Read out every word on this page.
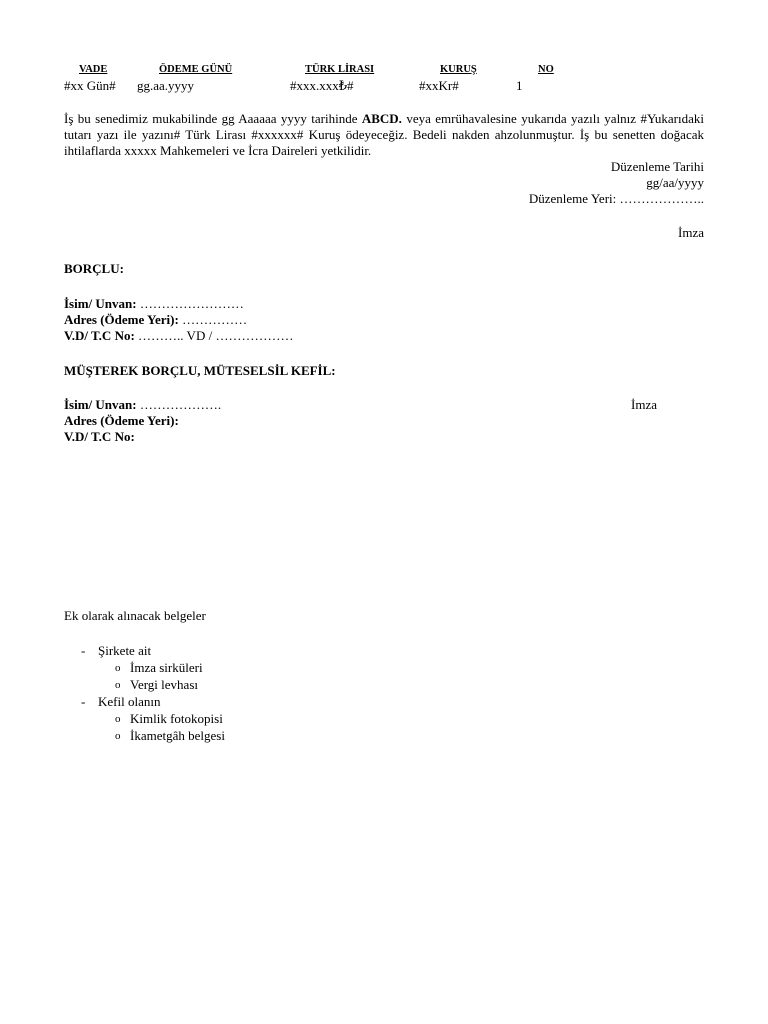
VADE	ÖDEME GÜNÜ	TÜRK LİRASI	KURUŞ	NO
#xx Gün# gg.aa.yyyy	#xxx.xxx₺#	#xxKr#	1
İş bu senedimiz mukabilinde gg Aaaaaa yyyy tarihinde ABCD. veya emrühavalesine yukarıda yazılı yalnız #Yukarıdaki tutarı yazı ile yazını# Türk Lirası #xxxxxx# Kuruş ödeyeceğiz. Bedeli nakden ahzolunmuştur. İş bu senetten doğacak ihtilaflarda xxxxx Mahkemeleri ve İcra Daireleri yetkilidir.
Düzenleme Tarihi
gg/aa/yyyy
Düzenleme Yeri: ………………..
İmza
BORÇLU:
İsim/ Unvan: ……………………
Adres (Ödeme Yeri): ……………
V.D/ T.C No: ……….. VD / ………………
MÜŞTEREK BORÇLU, MÜTESELSİL KEFİL:
İsim/ Unvan: ……………….	İmza
Adres (Ödeme Yeri):
V.D/ T.C No:
Ek olarak alınacak belgeler
- Şirkete ait
o İmza sirküleri
o Vergi levhası
- Kefil olanın
o Kimlik fotokopisi
o İkametgâh belgesi
